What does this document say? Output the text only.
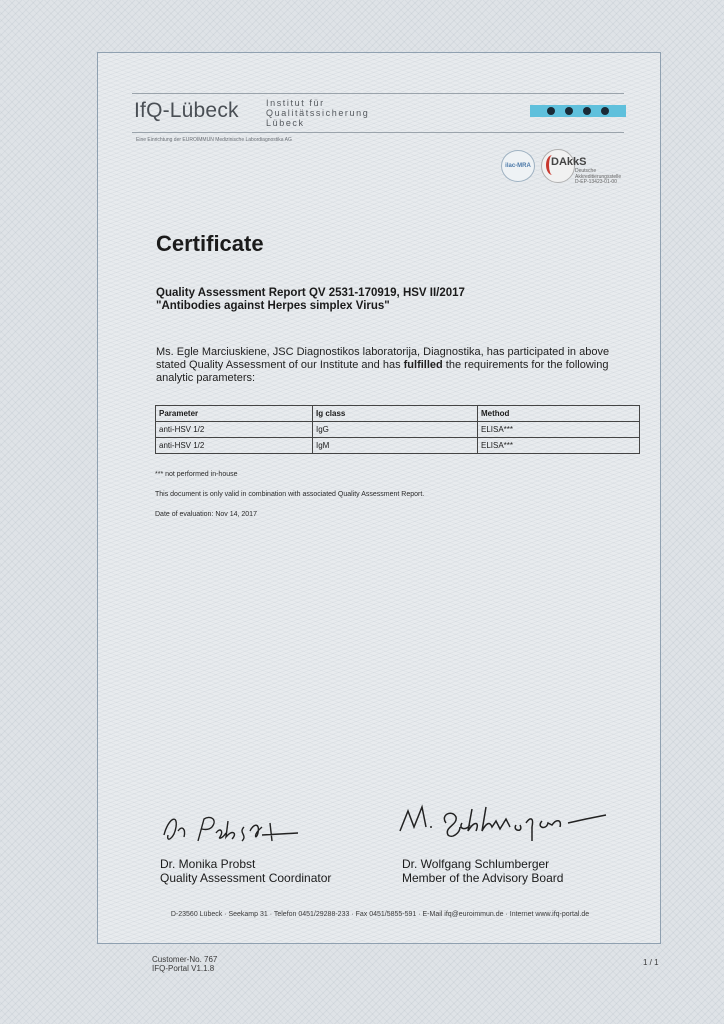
IfQ-Lübeck	Institut für
Qualitätssicherung
Lübeck
Eine Einrichtung der EUROIMMUN Medizinische Labordiagnostika AG
ilac-MRA	DAkkS
Deutsche
Akkreditierungsstelle
D-EP-13423-01-00
Certificate
Quality Assessment Report QV 2531-170919, HSV II/2017
"Antibodies against Herpes simplex Virus"
Ms. Egle Marciuskiene, JSC Diagnostikos laboratorija, Diagnostika, has participated in above stated Quality Assessment of our Institute and has fulfilled the requirements for the following analytic parameters:
Parameter	Ig class	Method
anti-HSV 1/2	IgG	ELISA***
anti-HSV 1/2	IgM	ELISA***
*** not performed in-house
This document is only valid in combination with associated Quality Assessment Report.
Date of evaluation: Nov 14, 2017
Dr. Monika Probst
Quality Assessment Coordinator
Dr. Wolfgang Schlumberger
Member of the Advisory Board
D-23560 Lübeck · Seekamp 31 · Telefon 0451/29288-233 · Fax 0451/5855-591 · E-Mail ifq@euroimmun.de · Internet www.ifq-portal.de
Customer-No. 767
IFQ-Portal V1.1.8
1 / 1
